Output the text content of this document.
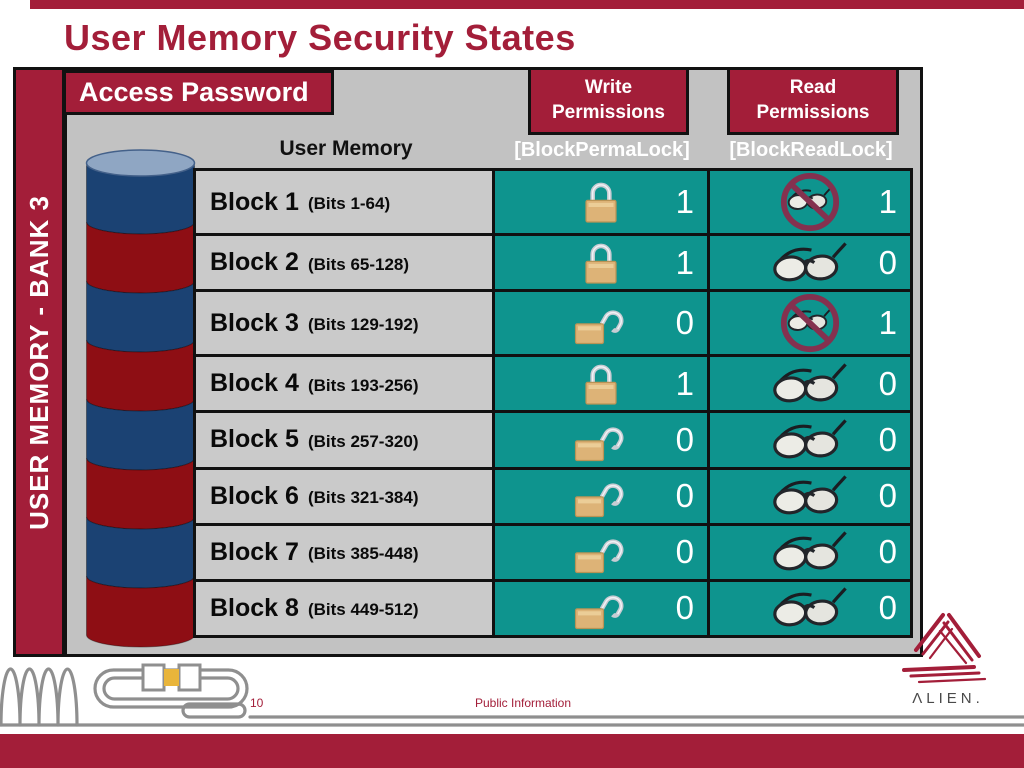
User Memory Security States
USER MEMORY - BANK 3
Access Password
User Memory
Write
Permissions
Read
Permissions
[BlockPermaLock]	[BlockReadLock]
Block 1 (Bits 1-64)	1	1
Block 2 (Bits 65-128)	1	0
Block 3 (Bits 129-192)	0	1
Block 4 (Bits 193-256)	1	0
Block 5 (Bits 257-320)	0	0
Block 6 (Bits 321-384)	0	0
Block 7 (Bits 385-448)	0	0
Block 8 (Bits 449-512)	0	0
10	Public Information	ΛLIEN.
